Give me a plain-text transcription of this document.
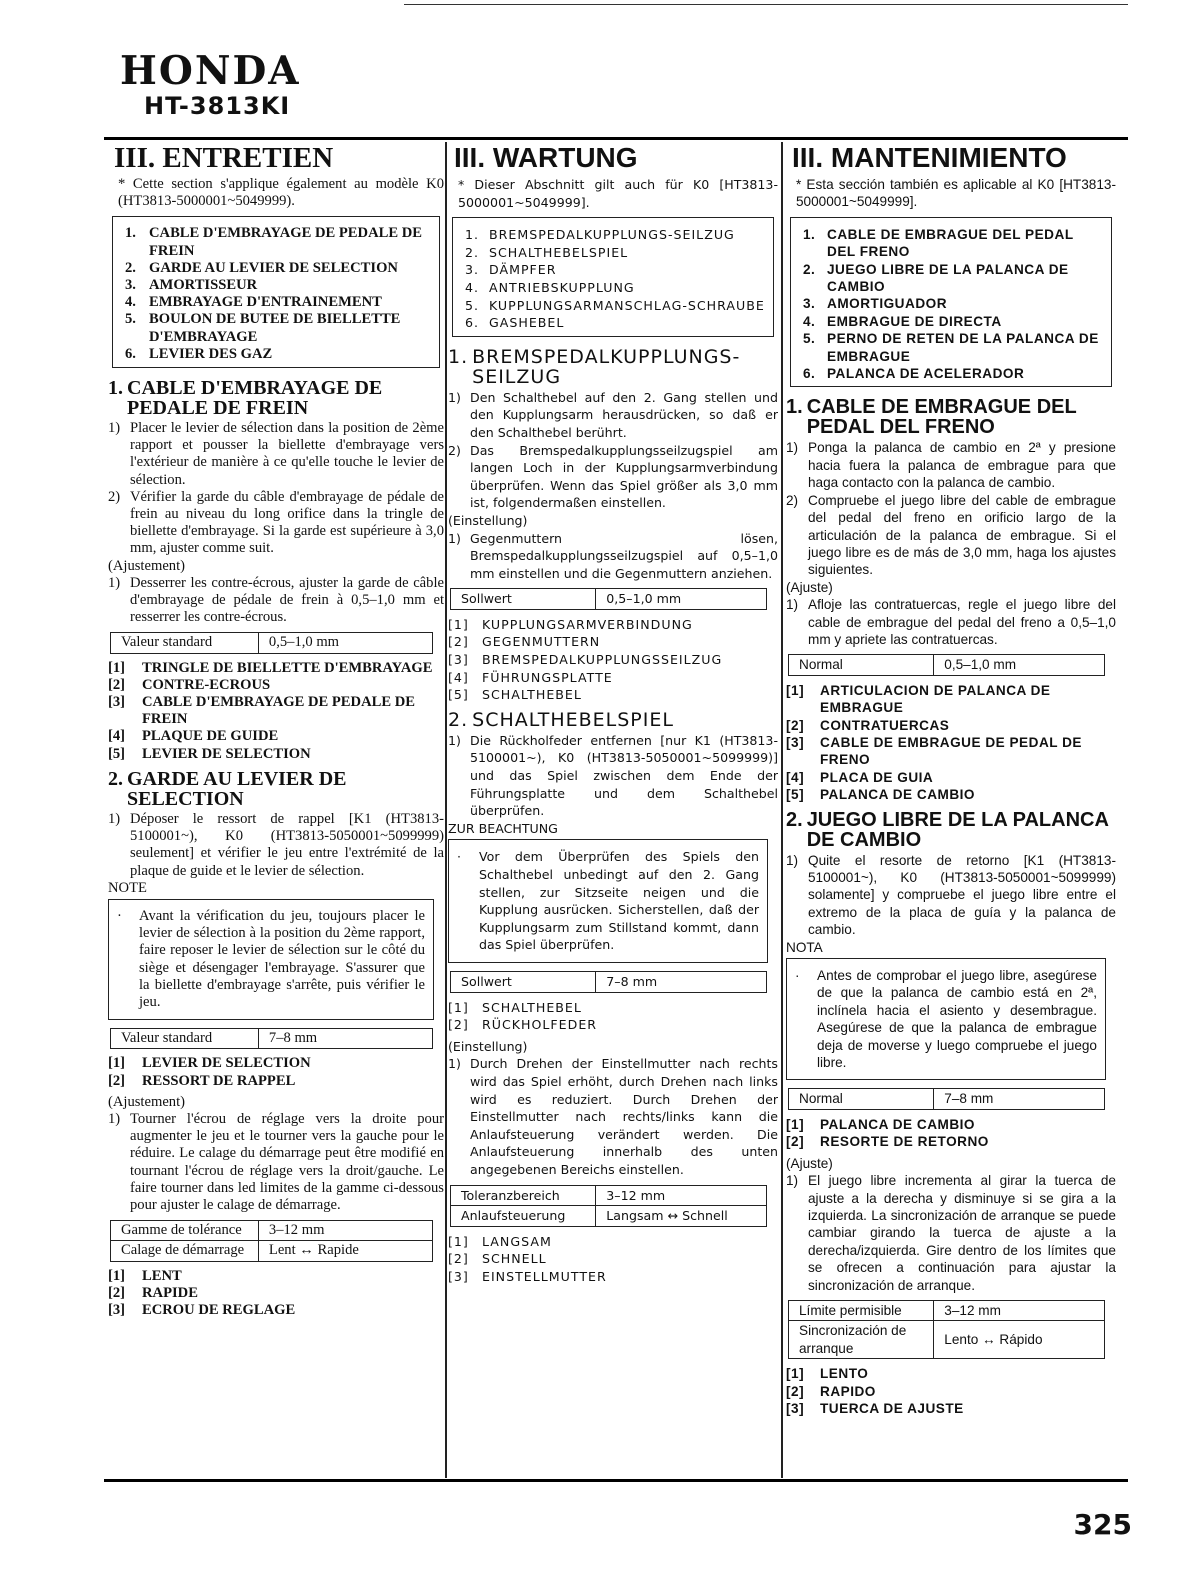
HONDA
HT-3813KI
325
III. ENTRETIEN

* Cette section s'applique également au modèle K0 (HT3813-5000001~5049999).

1. CABLE D'EMBRAYAGE DE PEDALE DE FREIN
2. GARDE AU LEVIER DE SELECTION
3. AMORTISSEUR
4. EMBRAYAGE D'ENTRAINEMENT
5. BOULON DE BUTEE DE BIELLETTE D'EMBRAYAGE
6. LEVIER DES GAZ
1. CABLE D'EMBRAYAGE DE PEDALE DE FREIN
1) Placer le levier de sélection dans la position de 2ème rapport et pousser la biellette d'embrayage vers l'extérieur de manière à ce qu'elle touche le levier de sélection.
2) Vérifier la garde du câble d'embrayage de pédale de frein au niveau du long orifice dans la tringle de biellette d'embrayage. Si la garde est supérieure à 3,0 mm, ajuster comme suit.

(Ajustement)

1) Desserrer les contre-écrous, ajuster la garde de câble d'embrayage de pédale de frein à 0,5–1,0 mm et resserrer les contre-écrous.
Valeur standard	0,5–1,0 mm
[1]	TRINGLE DE BIELLETTE D'EMBRAYAGE
[2]	CONTRE-ECROUS
[3]	CABLE D'EMBRAYAGE DE PEDALE DE FREIN
[4]	PLAQUE DE GUIDE
[5]	LEVIER DE SELECTION
2. GARDE AU LEVIER DE SELECTION
1) Déposer le ressort de rappel [K1 (HT3813-5100001~), K0 (HT3813-5050001~5099999) seulement] et vérifier le jeu entre l'extrémité de la plaque de guide et le levier de sélection.

NOTE

·	Avant la vérification du jeu, toujours placer le levier de sélection à la position du 2ème rapport, faire reposer le levier de sélection sur le côté du siège et désengager l'embrayage. S'assurer que la biellette d'embrayage s'arrête, puis vérifier le jeu.
Valeur standard	7–8 mm
[1]	LEVIER DE SELECTION
[2]	RESSORT DE RAPPEL

(Ajustement)

1) Tourner l'écrou de réglage vers la droite pour augmenter le jeu et le tourner vers la gauche pour le réduire. Le calage du démarrage peut être modifié en tournant l'écrou de réglage vers la droit/gauche. Le faire tourner dans led limites de la gamme ci-dessous pour ajuster le calage de démarrage.
Gamme de tolérance	3–12 mm
Calage de démarrage	Lent ↔ Rapide
[1]	LENT
[2]	RAPIDE
[3]	ECROU DE REGLAGE
III. WARTUNG

* Dieser Abschnitt gilt auch für K0 [HT3813-5000001~5049999].

1. BREMSPEDALKUPPLUNGS-SEILZUG
2. SCHALTHEBELSPIEL
3. DÄMPFER
4. ANTRIEBSKUPPLUNG
5. KUPPLUNGSARMANSCHLAG-SCHRAUBE
6. GASHEBEL
1. BREMSPEDALKUPPLUNGS-SEILZUG
1) Den Schalthebel auf den 2. Gang stellen und den Kupplungsarm herausdrücken, so daß er den Schalthebel berührt.
2) Das Bremspedalkupplungsseilzugspiel am langen Loch in der Kupplungsarmverbindung überprüfen. Wenn das Spiel größer als 3,0 mm ist, folgendermaßen einstellen.

(Einstellung)

1) Gegenmuttern lösen, Bremspedalkupplungsseilzugspiel auf 0,5–1,0 mm einstellen und die Gegenmuttern anziehen.
Sollwert	0,5–1,0 mm
[1]	KUPPLUNGSARMVERBINDUNG
[2]	GEGENMUTTERN
[3]	BREMSPEDALKUPPLUNGSSEILZUG
[4]	FÜHRUNGSPLATTE
[5]	SCHALTHEBEL
2. SCHALTHEBELSPIEL
1) Die Rückholfeder entfernen [nur K1 (HT3813-5100001~), K0 (HT3813-5050001~5099999)] und das Spiel zwischen dem Ende der Führungsplatte und dem Schalthebel überprüfen.

ZUR BEACHTUNG

·	Vor dem Überprüfen des Spiels den Schalthebel unbedingt auf den 2. Gang stellen, zur Sitzseite neigen und die Kupplung ausrücken. Sicherstellen, daß der Kupplungsarm zum Stillstand kommt, dann das Spiel überprüfen.
Sollwert	7–8 mm
[1]	SCHALTHEBEL
[2]	RÜCKHOLFEDER

(Einstellung)

1) Durch Drehen der Einstellmutter nach rechts wird das Spiel erhöht, durch Drehen nach links wird es reduziert. Durch Drehen der Einstellmutter nach rechts/links kann die Anlaufsteuerung verändert werden. Die Anlaufsteuerung innerhalb des unten angegebenen Bereichs einstellen.
Toleranzbereich	3–12 mm
Anlaufsteuerung	Langsam ↔ Schnell
[1]	LANGSAM
[2]	SCHNELL
[3]	EINSTELLMUTTER
III. MANTENIMIENTO

* Esta sección también es aplicable al K0 [HT3813-5000001~5049999].

1. CABLE DE EMBRAGUE DEL PEDAL DEL FRENO
2. JUEGO LIBRE DE LA PALANCA DE CAMBIO
3. AMORTIGUADOR
4. EMBRAGUE DE DIRECTA
5. PERNO DE RETEN DE LA PALANCA DE EMBRAGUE
6. PALANCA DE ACELERADOR
1. CABLE DE EMBRAGUE DEL PEDAL DEL FRENO
1) Ponga la palanca de cambio en 2ª y presione hacia fuera la palanca de embrague para que haga contacto con la palanca de cambio.
2) Compruebe el juego libre del cable de embrague del pedal del freno en orificio largo de la articulación de la palanca de embrague. Si el juego libre es de más de 3,0 mm, haga los ajustes siguientes.

(Ajuste)

1) Afloje las contratuercas, regle el juego libre del cable de embrague del pedal del freno a 0,5–1,0 mm y apriete las contratuercas.
Normal	0,5–1,0 mm
[1]	ARTICULACION DE PALANCA DE EMBRAGUE
[2]	CONTRATUERCAS
[3]	CABLE DE EMBRAGUE DE PEDAL DE FRENO
[4]	PLACA DE GUIA
[5]	PALANCA DE CAMBIO
2. JUEGO LIBRE DE LA PALANCA DE CAMBIO
1) Quite el resorte de retorno [K1 (HT3813-5100001~), K0 (HT3813-5050001~5099999) solamente] y compruebe el juego libre entre el extremo de la placa de guía y la palanca de cambio.

NOTA

·	Antes de comprobar el juego libre, asegúrese de que la palanca de cambio está en 2ª, inclínela hacia el asiento y desembrague. Asegúrese de que la palanca de embrague deja de moverse y luego compruebe el juego libre.
Normal	7–8 mm
[1]	PALANCA DE CAMBIO
[2]	RESORTE DE RETORNO

(Ajuste)

1) El juego libre incrementa al girar la tuerca de ajuste a la derecha y disminuye si se gira a la izquierda. La sincronización de arranque se puede cambiar girando la tuerca de ajuste a la derecha/izquierda. Gire dentro de los límites que se ofrecen a continuación para ajustar la sincronización de arranque.
Límite permisible	3–12 mm
Sincronización de arranque	Lento ↔ Rápido
[1]	LENTO
[2]	RAPIDO
[3]	TUERCA DE AJUSTE
